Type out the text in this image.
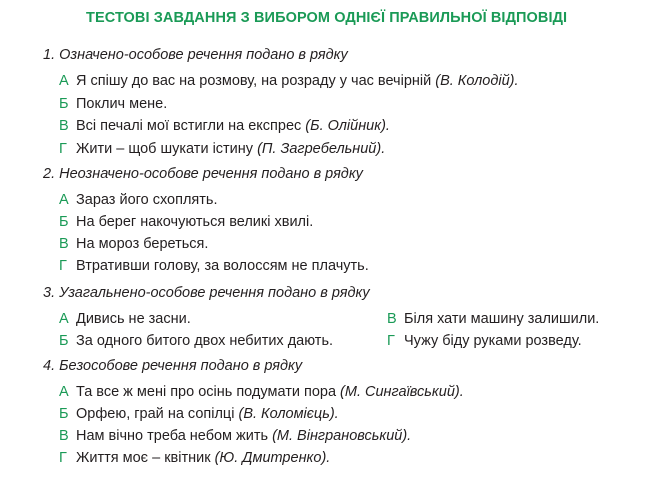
ТЕСТОВІ ЗАВДАННЯ З ВИБОРОМ ОДНІЄЇ ПРАВИЛЬНОЇ ВІДПОВІДІ
1. Означено-особове речення подано в рядку
А Я спішу до вас на розмову, на розраду у час вечірній (В. Колодій).
Б Поклич мене.
В Всі печалі мої встигли на експрес (Б. Олійник).
Г Жити – щоб шукати істину (П. Загребельний).
2. Неозначено-особове речення подано в рядку
А Зараз його схоплять.
Б На берег накочуються великі хвилі.
В На мороз береться.
Г Втративши голову, за волоссям не плачуть.
3. Узагальнено-особове речення подано в рядку
А Дивись не засни.
Б За одного битого двох небитих дають.
В Біля хати машину залишили.
Г Чужу біду руками розведу.
4. Безособове речення подано в рядку
А Та все ж мені про осінь подумати пора (М. Сингаївський).
Б Орфею, грай на сопілці (В. Коломієць).
В Нам вічно треба небом жить (М. Вінграновський).
Г Життя моє – квітник (Ю. Дмитренко).
